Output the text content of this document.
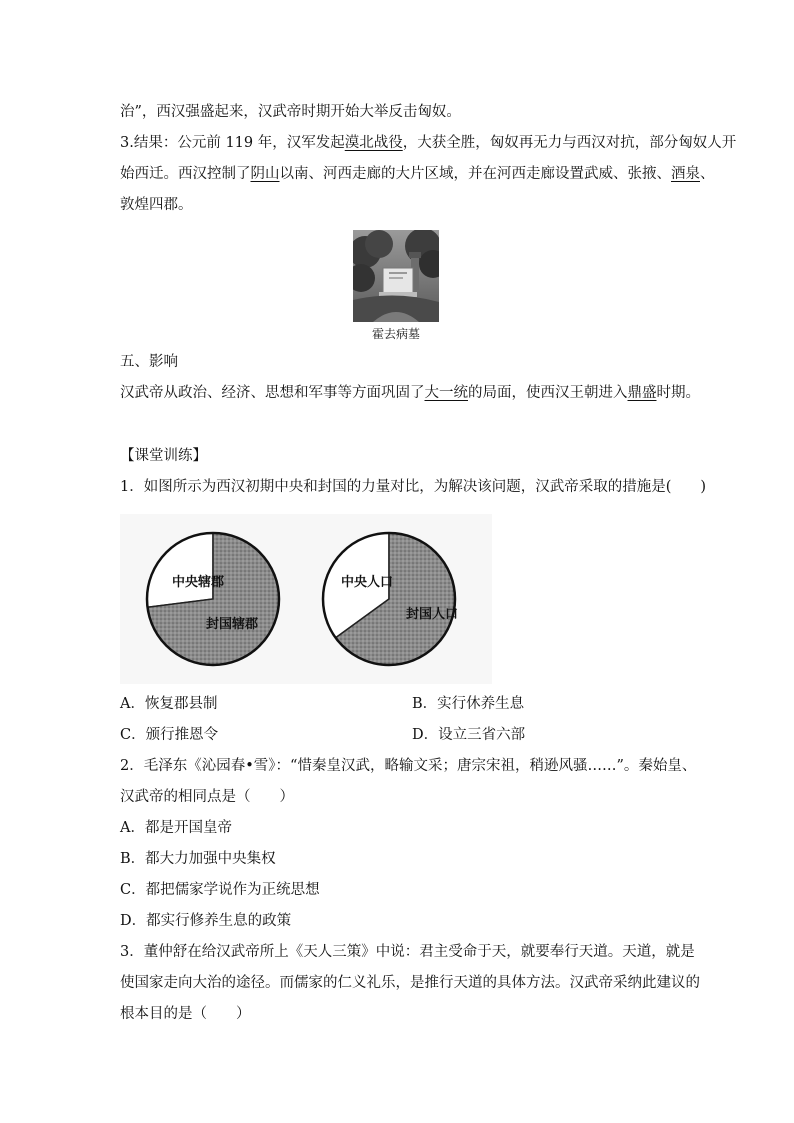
治”，西汉强盛起来，汉武帝时期开始大举反击匈奴。
3.结果：公元前 119 年，汉军发起漠北战役，大获全胜，匈奴再无力与西汉对抗，部分匈奴人开
始西迁。西汉控制了阴山以南、河西走廊的大片区域，并在河西走廊设置武威、张掖、酒泉、
敦煌四郡。
霍去病墓
五、影响
汉武帝从政治、经济、思想和军事等方面巩固了大一统的局面，使西汉王朝进入鼎盛时期。
【课堂训练】
1．如图所示为西汉初期中央和封国的力量对比，为解决该问题，汉武帝采取的措施是(　　)
中央辖郡
封国辖郡
中央人口
封国人口
A．恢复郡县制	B．实行休养生息
C．颁行推恩令	D．设立三省六部
2．毛泽东《沁园春•雪》：“惜秦皇汉武，略输文采；唐宗宋祖，稍逊风骚……”。秦始皇、
汉武帝的相同点是（　　）
A．都是开国皇帝
B．都大力加强中央集权
C．都把儒家学说作为正统思想
D．都实行修养生息的政策
3．董仲舒在给汉武帝所上《天人三策》中说：君主受命于天，就要奉行天道。天道，就是
使国家走向大治的途径。而儒家的仁义礼乐，是推行天道的具体方法。汉武帝采纳此建议的
根本目的是（　　）
